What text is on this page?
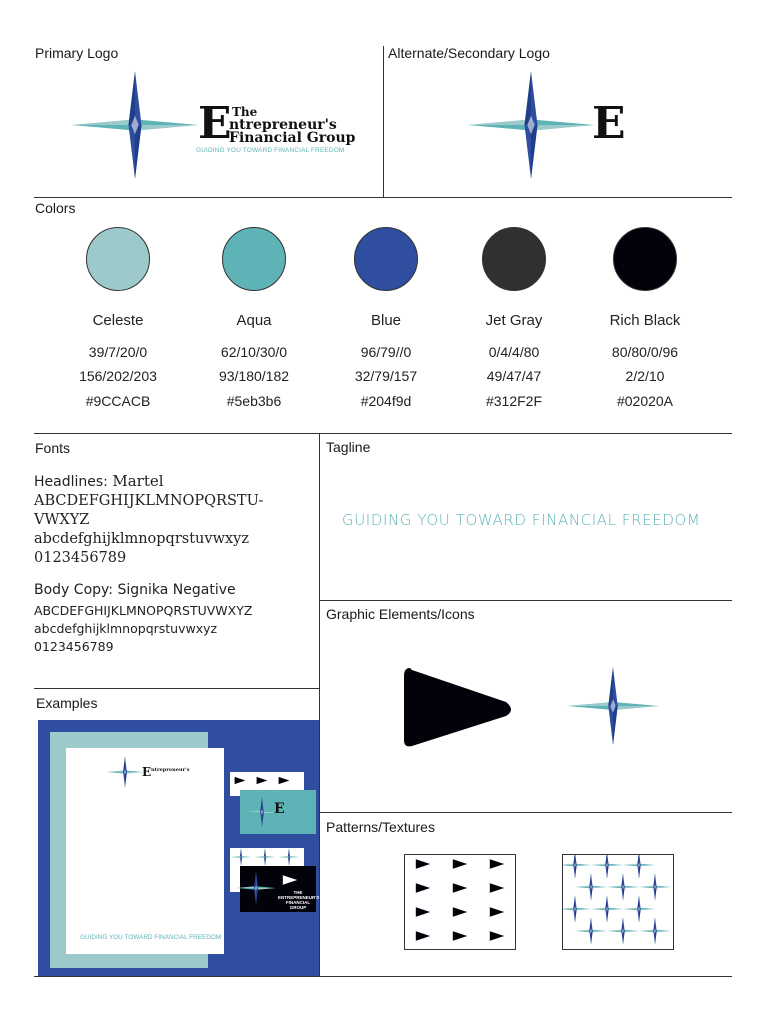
Primary Logo	Alternate/Secondary Logo
Colors
Fonts	Tagline
Graphic Elements/Icons
Examples
Patterns/Textures
E The
ntrepreneur's
Financial Group
GUIDING YOU TOWARD FINANCIAL FREEDOM
E
Celeste
39/7/20/0
156/202/203
#9CCACB
Aqua
62/10/30/0
93/180/182
#5eb3b6
Blue
96/79//0
32/79/157
#204f9d
Jet Gray
0/4/4/80
49/47/47
#312F2F
Rich Black
80/80/0/96
2/2/10
#02020A
Headlines: Martel
ABCDEFGHIJKLMNOPQRSTU-
VWXYZ
abcdefghijklmnopqrstuvwxyz
0123456789
Body Copy: Signika Negative
ABCDEFGHIJKLMNOPQRSTUVWXYZ
abcdefghijklmnopqrstuvwxyz
0123456789
GUIDING YOU TOWARD FINANCIAL FREEDOM
E ntrepreneur's
GUIDING YOU TOWARD FINANCIAL FREEDOM
E
THE
ENTREPRENEUR'S
FINANCIAL
GROUP
